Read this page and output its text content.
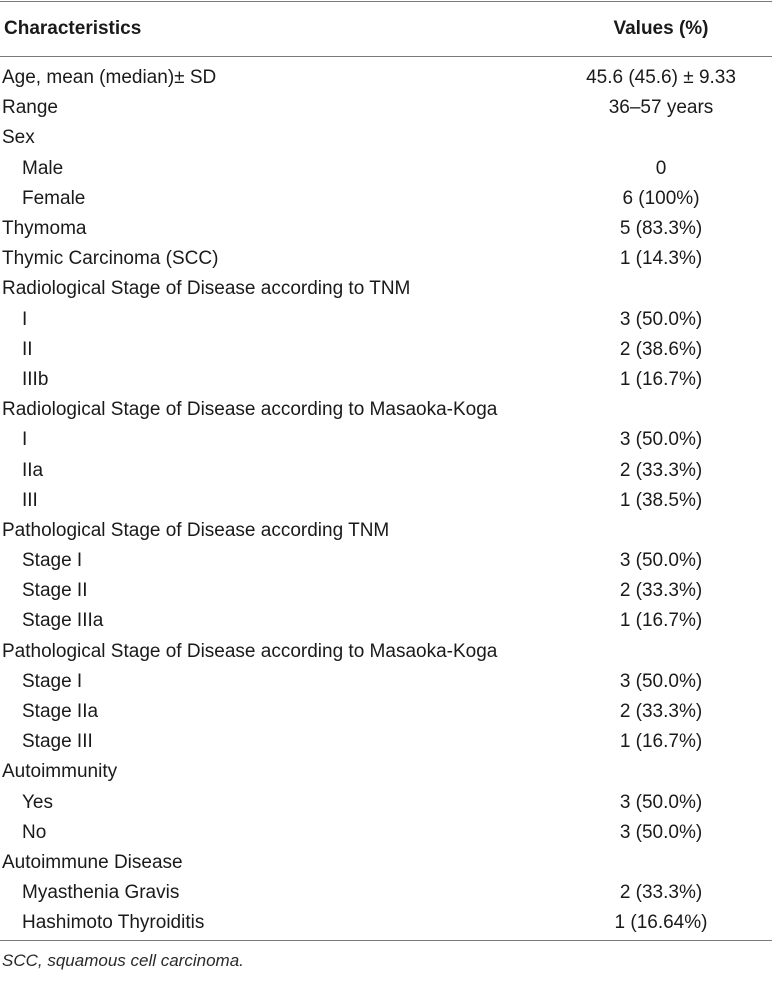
Characteristics	Values (%)
Age, mean (median)± SD	45.6 (45.6) ± 9.33
Range	36–57 years
Sex
Male	0
Female	6 (100%)
Thymoma	5 (83.3%)
Thymic Carcinoma (SCC)	1 (14.3%)
Radiological Stage of Disease according to TNM
I	3 (50.0%)
II	2 (38.6%)
IIIb	1 (16.7%)
Radiological Stage of Disease according to Masaoka-Koga
I	3 (50.0%)
IIa	2 (33.3%)
III	1 (38.5%)
Pathological Stage of Disease according TNM
Stage I	3 (50.0%)
Stage II	2 (33.3%)
Stage IIIa	1 (16.7%)
Pathological Stage of Disease according to Masaoka-Koga
Stage I	3 (50.0%)
Stage IIa	2 (33.3%)
Stage III	1 (16.7%)
Autoimmunity
Yes	3 (50.0%)
No	3 (50.0%)
Autoimmune Disease
Myasthenia Gravis	2 (33.3%)
Hashimoto Thyroiditis	1 (16.64%)
SCC, squamous cell carcinoma.
